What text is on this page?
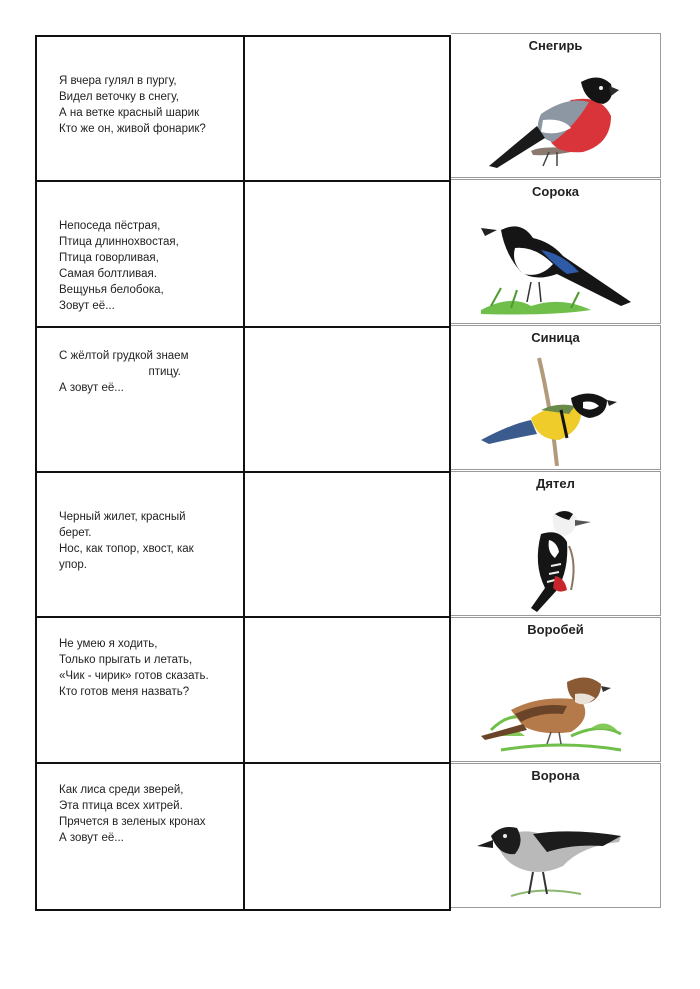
Я вчера гулял в пургу,
Видел веточку в снегу,
А на ветке красный шарик
Кто же он, живой фонарик?
Непоседа пёстрая,
Птица длиннохвостая,
Птица говорливая,
Самая болтливая.
Вещунья белобока,
Зовут её...
С жёлтой грудкой знаем
птицу.
А зовут её...
Черный жилет, красный
берет.
Нос, как топор, хвост, как
упор.
Не умею я ходить,
Только прыгать и летать,
«Чик - чирик» готов сказать.
Кто готов меня назвать?
Как лиса среди зверей,
Эта птица всех хитрей.
Прячется в зеленых кронах
А зовут её...
Снегирь
Сорока
Синица
Дятел
Воробей
Ворона
